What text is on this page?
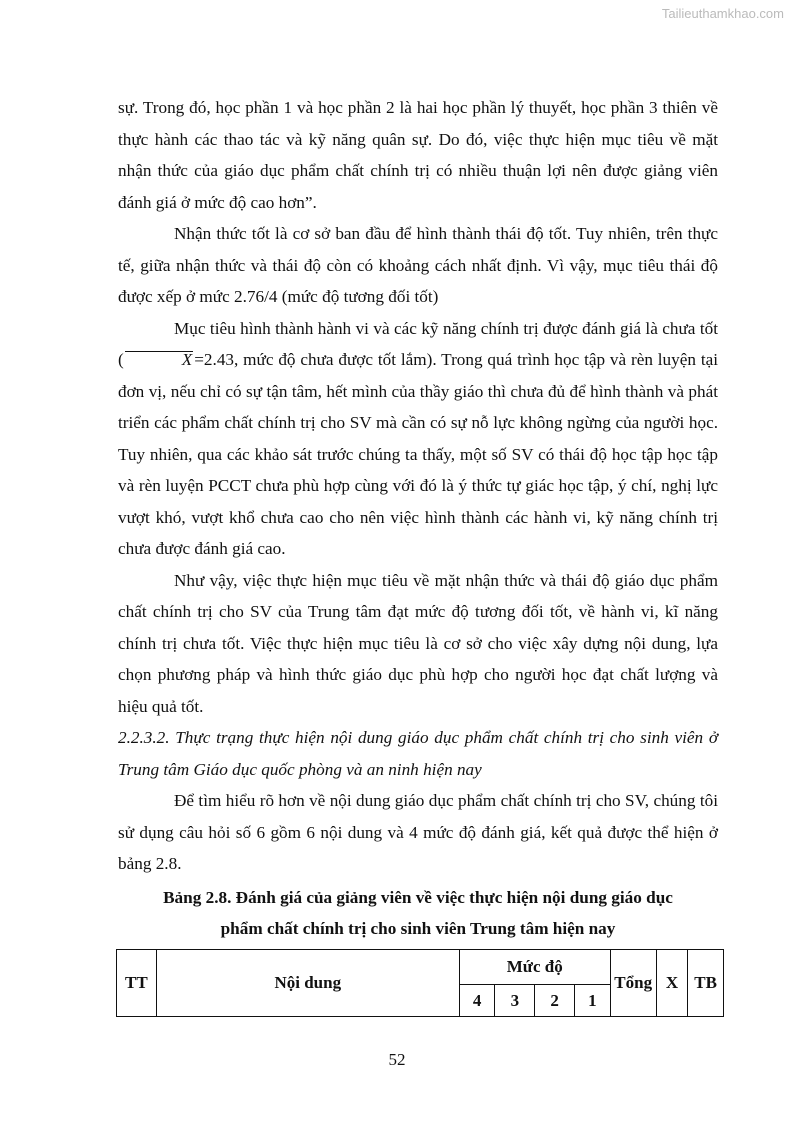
Tailieuthamkhao.com

sự. Trong đó, học phần 1 và học phần 2 là hai học phần lý thuyết, học phần 3 thiên về thực hành các thao tác và kỹ năng quân sự. Do đó, việc thực hiện mục tiêu về mặt nhận thức của giáo dục phẩm chất chính trị có nhiều thuận lợi nên được giảng viên đánh giá ở mức độ cao hơn”.

Nhận thức tốt là cơ sở ban đầu để hình thành thái độ tốt. Tuy nhiên, trên thực tế, giữa nhận thức và thái độ còn có khoảng cách nhất định. Vì vậy, mục tiêu thái độ được xếp ở mức 2.76/4 (mức độ tương đối tốt)

Mục tiêu hình thành hành vi và các kỹ năng chính trị được đánh giá là chưa tốt (	X =2.43, mức độ chưa được tốt lắm). Trong quá trình học tập và rèn luyện tại đơn vị, nếu chỉ có sự tận tâm, hết mình của thầy giáo thì chưa đủ để hình thành và phát triển các phẩm chất chính trị cho SV mà cần có sự nỗ lực không ngừng của người học. Tuy nhiên, qua các khảo sát trước chúng ta thấy, một số SV có thái độ học tập học tập và rèn luyện PCCT chưa phù hợp cùng với đó là ý thức tự giác học tập, ý chí, nghị lực vượt khó, vượt khổ chưa cao cho nên việc hình thành các hành vi, kỹ năng chính trị chưa được đánh giá cao.

Như vậy, việc thực hiện mục tiêu về mặt nhận thức và thái độ giáo dục phẩm chất chính trị cho SV của Trung tâm đạt mức độ tương đối tốt, về hành vi, kĩ năng chính trị chưa tốt. Việc thực hiện mục tiêu là cơ sở cho việc xây dựng nội dung, lựa chọn phương pháp và hình thức giáo dục phù hợp cho người học đạt chất lượng và hiệu quả tốt.

2.2.3.2. Thực trạng thực hiện nội dung giáo dục phẩm chất chính trị cho sinh viên ở Trung tâm Giáo dục quốc phòng và an ninh hiện nay

Để tìm hiểu rõ hơn về nội dung giáo dục phẩm chất chính trị cho SV, chúng tôi sử dụng câu hỏi số 6 gồm 6 nội dung và 4 mức độ đánh giá, kết quả được thể hiện ở bảng 2.8.

Bảng 2.8. Đánh giá của giảng viên về việc thực hiện nội dung giáo dục
phẩm chất chính trị cho sinh viên Trung tâm hiện nay
TT	Nội dung	Mức độ				Tổng	X	TB
		4	3	2	1			
52
